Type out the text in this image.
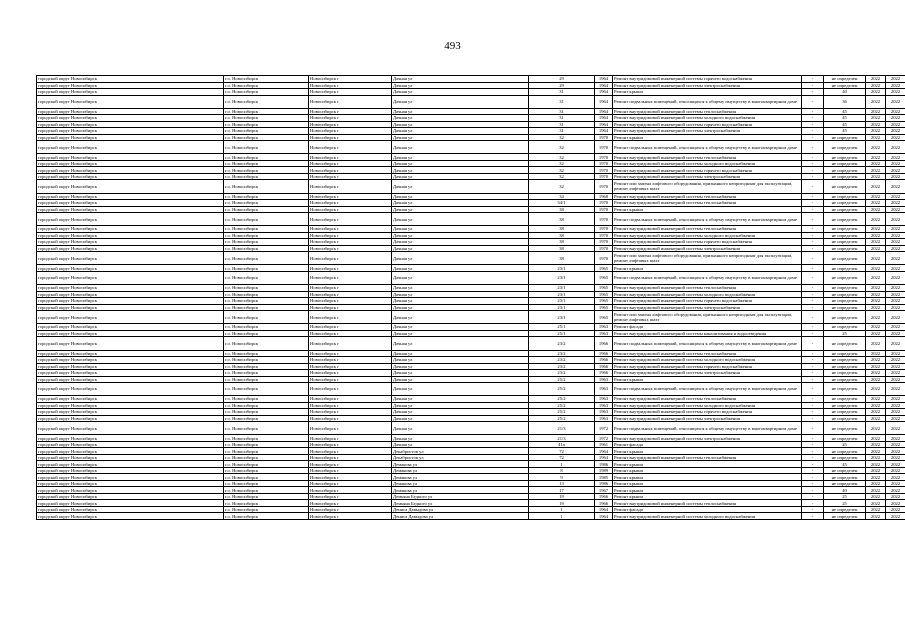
493
городской округ Новосибирск	г.о. Новосибирск	Новосибирск г	Дачная ул	29	1964	Ремонт внутридомовой инженерной системы горячего водоснабжения	-	не определен	2022	2022
городской округ Новосибирск	г.о. Новосибирск	Новосибирск г	Дачная ул	29	1964	Ремонт внутридомовой инженерной системы электроснабжения	-	не определен	2022	2022
городской округ Новосибирск	г.о. Новосибирск	Новосибирск г	Дачная ул	31	1964	Ремонт крыши	-	40	2022	2022
городской округ Новосибирск	г.о. Новосибирск	Новосибирск г	Дачная ул	31	1964	Ремонт подвальных помещений, относящихся к общему имуществу в многоквартирном доме	-	36	2022	2022
городской округ Новосибирск	г.о. Новосибирск	Новосибирск г	Дачная ул	31	1964	Ремонт внутридомовой инженерной системы теплоснабжения	-	45	2022	2022
городской округ Новосибирск	г.о. Новосибирск	Новосибирск г	Дачная ул	31	1964	Ремонт внутридомовой инженерной системы холодного водоснабжения	-	45	2022	2022
городской округ Новосибирск	г.о. Новосибирск	Новосибирск г	Дачная ул	31	1964	Ремонт внутридомовой инженерной системы горячего водоснабжения	-	45	2022	2022
городской округ Новосибирск	г.о. Новосибирск	Новосибирск г	Дачная ул	31	1964	Ремонт внутридомовой инженерной системы электроснабжения	-	45	2022	2022
городской округ Новосибирск	г.о. Новосибирск	Новосибирск г	Дачная ул	32	1970	Ремонт крыши	-	не определен	2022	2022
городской округ Новосибирск	г.о. Новосибирск	Новосибирск г	Дачная ул	32	1970	Ремонт подвальных помещений, относящихся к общему имуществу в многоквартирном доме	-	не определен	2022	2022
городской округ Новосибирск	г.о. Новосибирск	Новосибирск г	Дачная ул	32	1970	Ремонт внутридомовой инженерной системы теплоснабжения	-	не определен	2022	2022
городской округ Новосибирск	г.о. Новосибирск	Новосибирск г	Дачная ул	32	1970	Ремонт внутридомовой инженерной системы холодного водоснабжения	-	не определен	2022	2022
городской округ Новосибирск	г.о. Новосибирск	Новосибирск г	Дачная ул	32	1970	Ремонт внутридомовой инженерной системы горячего водоснабжения	-	не определен	2022	2022
городской округ Новосибирск	г.о. Новосибирск	Новосибирск г	Дачная ул	32	1970	Ремонт внутридомовой инженерной системы электроснабжения	-	не определен	2022	2022
городской округ Новосибирск	г.о. Новосибирск	Новосибирск г	Дачная ул	32	1970	Ремонт или замена лифтового оборудования, признанного непригодным для эксплуатации, ремонт лифтовых шахт	-	не определен	2022	2022
городской округ Новосибирск	г.о. Новосибирск	Новосибирск г	Дачная ул	34	1968	Ремонт внутридомовой инженерной системы теплоснабжения	-	не определен	2022	2022
городской округ Новосибирск	г.о. Новосибирск	Новосибирск г	Дачная ул	34/1	1970	Ремонт внутридомовой инженерной системы теплоснабжения	-	не определен	2022	2022
городской округ Новосибирск	г.о. Новосибирск	Новосибирск г	Дачная ул	38	1970	Ремонт крыши	-	не определен	2022	2022
городской округ Новосибирск	г.о. Новосибирск	Новосибирск г	Дачная ул	38	1970	Ремонт подвальных помещений, относящихся к общему имуществу в многоквартирном доме	-	не определен	2022	2022
городской округ Новосибирск	г.о. Новосибирск	Новосибирск г	Дачная ул	38	1970	Ремонт внутридомовой инженерной системы теплоснабжения	-	не определен	2022	2022
городской округ Новосибирск	г.о. Новосибирск	Новосибирск г	Дачная ул	38	1970	Ремонт внутридомовой инженерной системы холодного водоснабжения	-	не определен	2022	2022
городской округ Новосибирск	г.о. Новосибирск	Новосибирск г	Дачная ул	38	1970	Ремонт внутридомовой инженерной системы горячего водоснабжения	-	не определен	2022	2022
городской округ Новосибирск	г.о. Новосибирск	Новосибирск г	Дачная ул	38	1970	Ремонт внутридомовой инженерной системы электроснабжения	-	не определен	2022	2022
городской округ Новосибирск	г.о. Новосибирск	Новосибирск г	Дачная ул	38	1970	Ремонт или замена лифтового оборудования, признанного непригодным для эксплуатации, ремонт лифтовых шахт	-	не определен	2022	2022
городской округ Новосибирск	г.о. Новосибирск	Новосибирск г	Дачная ул	23/1	1965	Ремонт крыши	-	не определен	2022	2022
городской округ Новосибирск	г.о. Новосибирск	Новосибирск г	Дачная ул	23/1	1965	Ремонт подвальных помещений, относящихся к общему имуществу в многоквартирном доме	-	не определен	2022	2022
городской округ Новосибирск	г.о. Новосибирск	Новосибирск г	Дачная ул	23/1	1965	Ремонт внутридомовой инженерной системы теплоснабжения	-	не определен	2022	2022
городской округ Новосибирск	г.о. Новосибирск	Новосибирск г	Дачная ул	23/1	1965	Ремонт внутридомовой инженерной системы холодного водоснабжения	-	не определен	2022	2022
городской округ Новосибирск	г.о. Новосибирск	Новосибирск г	Дачная ул	23/1	1965	Ремонт внутридомовой инженерной системы горячего водоснабжения	-	не определен	2022	2022
городской округ Новосибирск	г.о. Новосибирск	Новосибирск г	Дачная ул	23/1	1965	Ремонт внутридомовой инженерной системы электроснабжения	-	не определен	2022	2022
городской округ Новосибирск	г.о. Новосибирск	Новосибирск г	Дачная ул	23/1	1965	Ремонт или замена лифтового оборудования, признанного непригодным для эксплуатации, ремонт лифтовых шахт	-	не определен	2022	2022
городской округ Новосибирск	г.о. Новосибирск	Новосибирск г	Дачная ул	25/1	1963	Ремонт фасада	-	не определен	2022	2022
городской округ Новосибирск	г.о. Новосибирск	Новосибирск г	Дачная ул	25/1	1963	Ремонт внутридомовой инженерной системы канализования и водоотведения	-	25	2022	2022
городской округ Новосибирск	г.о. Новосибирск	Новосибирск г	Дачная ул	23/2	1966	Ремонт подвальных помещений, относящихся к общему имуществу в многоквартирном доме	-	не определен	2022	2022
городской округ Новосибирск	г.о. Новосибирск	Новосибирск г	Дачная ул	23/2	1966	Ремонт внутридомовой инженерной системы теплоснабжения	-	не определен	2022	2022
городской округ Новосибирск	г.о. Новосибирск	Новосибирск г	Дачная ул	23/2	1966	Ремонт внутридомовой инженерной системы холодного водоснабжения	-	не определен	2022	2022
городской округ Новосибирск	г.о. Новосибирск	Новосибирск г	Дачная ул	23/2	1966	Ремонт внутридомовой инженерной системы горячего водоснабжения	-	не определен	2022	2022
городской округ Новосибирск	г.о. Новосибирск	Новосибирск г	Дачная ул	23/2	1966	Ремонт внутридомовой инженерной системы электроснабжения	-	не определен	2022	2022
городской округ Новосибирск	г.о. Новосибирск	Новосибирск г	Дачная ул	25/2	1963	Ремонт крыши	-	не определен	2022	2022
городской округ Новосибирск	г.о. Новосибирск	Новосибирск г	Дачная ул	25/2	1963	Ремонт подвальных помещений, относящихся к общему имуществу в многоквартирном доме	-	не определен	2022	2022
городской округ Новосибирск	г.о. Новосибирск	Новосибирск г	Дачная ул	25/2	1963	Ремонт внутридомовой инженерной системы теплоснабжения	-	не определен	2022	2022
городской округ Новосибирск	г.о. Новосибирск	Новосибирск г	Дачная ул	25/2	1963	Ремонт внутридомовой инженерной системы холодного водоснабжения	-	не определен	2022	2022
городской округ Новосибирск	г.о. Новосибирск	Новосибирск г	Дачная ул	25/2	1963	Ремонт внутридомовой инженерной системы горячего водоснабжения	-	не определен	2022	2022
городской округ Новосибирск	г.о. Новосибирск	Новосибирск г	Дачная ул	25/2	1963	Ремонт внутридомовой инженерной системы электроснабжения	-	не определен	2022	2022
городской округ Новосибирск	г.о. Новосибирск	Новосибирск г	Дачная ул	21/3	1972	Ремонт подвальных помещений, относящихся к общему имуществу в многоквартирном доме	-	не определен	2022	2022
городской округ Новосибирск	г.о. Новосибирск	Новосибирск г	Дачная ул	21/3	1972	Ремонт внутридомовой инженерной системы электроснабжения	-	не определен	2022	2022
городской округ Новосибирск	г.о. Новосибирск	Новосибирск г	Дачная ул	41а	1961	Ремонт фасада	-	25	2022	2022
городской округ Новосибирск	г.о. Новосибирск	Новосибирск г	Декабристов ул	72	1964	Ремонт крыши	-	не определен	2022	2022
городской округ Новосибирск	г.о. Новосибирск	Новосибирск г	Декабристов ул	72	1964	Ремонт внутридомовой инженерной системы теплоснабжения	-	не определен	2022	2022
городской округ Новосибирск	г.о. Новосибирск	Новосибирск г	Демакова ул	1	1986	Ремонт крыши	-	45	2022	2022
городской округ Новосибирск	г.о. Новосибирск	Новосибирск г	Демакова ул	8	1989	Ремонт крыши	-	не определен	2022	2022
городской округ Новосибирск	г.о. Новосибирск	Новосибирск г	Демакова ул	9	1985	Ремонт крыши	-	не определен	2022	2022
городской округ Новосибирск	г.о. Новосибирск	Новосибирск г	Демакова ул	13	1986	Ремонт крыши	-	не определен	2022	2022
городской округ Новосибирск	г.о. Новосибирск	Новосибирск г	Демакова ул	17	1967	Ремонт крыши	-	40	2022	2022
городской округ Новосибирск	г.о. Новосибирск	Новосибирск г	Демьяна Бедного ул	19	1966	Ремонт крыши	-	25	2022	2022
городской округ Новосибирск	г.о. Новосибирск	Новосибирск г	Демьяна Бедного ул	19	1966	Ремонт внутридомовой инженерной системы теплоснабжения	-	25	2022	2022
городской округ Новосибирск	г.о. Новосибирск	Новосибирск г	Дениса Давыдова ул	1	1964	Ремонт фасада	-	не определен	2022	2022
городской округ Новосибирск	г.о. Новосибирск	Новосибирск г	Дениса Давыдова ул	1	1964	Ремонт внутридомовой инженерной системы холодного водоснабжения	-	не определен	2022	2022
